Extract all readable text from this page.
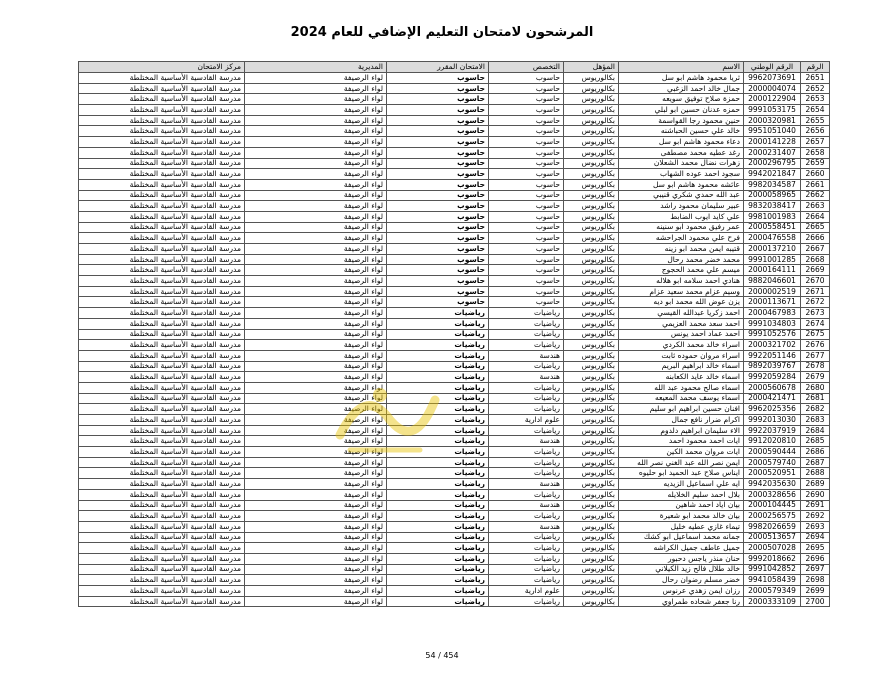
المرشحون لامتحان التعليم الإضافي للعام 2024
الرقم	الرقم الوطني	الاسم	المؤهل	التخصص	الامتحان المقرر	المديرية	مركز الامتحان
2651	9962073691	ثريا محمود هاشم ابو سل	بكالوريوس	حاسوب	حاسوب	لواء الرصيفة	مدرسة القادسية الأساسية المختلطة
2652	2000004074	جمال خالد احمد الزغبي	بكالوريوس	حاسوب	حاسوب	لواء الرصيفة	مدرسة القادسية الأساسية المختلطة
2653	2000122904	حمزة صلاح توفيق سويعه	بكالوريوس	حاسوب	حاسوب	لواء الرصيفة	مدرسة القادسية الأساسية المختلطة
2654	9991053175	حمزه عدنان حسين ابو لبلي	بكالوريوس	حاسوب	حاسوب	لواء الرصيفة	مدرسة القادسية الأساسية المختلطة
2655	2000320981	حنين محمود رجا القواسمة	بكالوريوس	حاسوب	حاسوب	لواء الرصيفة	مدرسة القادسية الأساسية المختلطة
2656	9951051040	خالد علي حسين الحباشنه	بكالوريوس	حاسوب	حاسوب	لواء الرصيفة	مدرسة القادسية الأساسية المختلطة
2657	2000141228	دعاء محمود هاشم ابو سل	بكالوريوس	حاسوب	حاسوب	لواء الرصيفة	مدرسة القادسية الأساسية المختلطة
2658	2000231407	رغد عطيه محمد مصطفى	بكالوريوس	حاسوب	حاسوب	لواء الرصيفة	مدرسة القادسية الأساسية المختلطة
2659	2000296795	زهرات نضال محمد الشعلان	بكالوريوس	حاسوب	حاسوب	لواء الرصيفة	مدرسة القادسية الأساسية المختلطة
2660	9942021847	سجود احمد عوده الشهاب	بكالوريوس	حاسوب	حاسوب	لواء الرصيفة	مدرسة القادسية الأساسية المختلطة
2661	9982034587	عائشه محمود هاشم ابو سل	بكالوريوس	حاسوب	حاسوب	لواء الرصيفة	مدرسة القادسية الأساسية المختلطة
2662	2000058965	عبد الله حمدي شكري قنيبي	بكالوريوس	حاسوب	حاسوب	لواء الرصيفة	مدرسة القادسية الأساسية المختلطة
2663	9832038417	عبير سليمان محمود راشد	بكالوريوس	حاسوب	حاسوب	لواء الرصيفة	مدرسة القادسية الأساسية المختلطة
2664	9981001983	علي كايد ايوب الضابط	بكالوريوس	حاسوب	حاسوب	لواء الرصيفة	مدرسة القادسية الأساسية المختلطة
2665	2000558451	عمر رفيق محمود ابو سنينه	بكالوريوس	حاسوب	حاسوب	لواء الرصيفة	مدرسة القادسية الأساسية المختلطة
2666	2000476558	فرح علي محمود الجراحشه	بكالوريوس	حاسوب	حاسوب	لواء الرصيفة	مدرسة القادسية الأساسية المختلطة
2667	2000137210	قتيبه ايمن محمد ابو زينه	بكالوريوس	حاسوب	حاسوب	لواء الرصيفة	مدرسة القادسية الأساسية المختلطة
2668	9991001285	محمد خضر محمد رحال	بكالوريوس	حاسوب	حاسوب	لواء الرصيفة	مدرسة القادسية الأساسية المختلطة
2669	2000164111	ميسم علي محمد الحجوج	بكالوريوس	حاسوب	حاسوب	لواء الرصيفة	مدرسة القادسية الأساسية المختلطة
2670	9882046601	هنادي احمد سلامه ابو هلاله	بكالوريوس	حاسوب	حاسوب	لواء الرصيفة	مدرسة القادسية الأساسية المختلطة
2671	2000002519	وسيم عزام محمد سعيد عزام	بكالوريوس	حاسوب	حاسوب	لواء الرصيفة	مدرسة القادسية الأساسية المختلطة
2672	2000113671	يزن عوض الله محمد ابو ديه	بكالوريوس	حاسوب	حاسوب	لواء الرصيفة	مدرسة القادسية الأساسية المختلطة
2673	2000467983	احمد زكريا عبدالله القيسي	بكالوريوس	رياضيات	رياضيات	لواء الرصيفة	مدرسة القادسية الأساسية المختلطة
2674	9991034803	احمد سعد محمد العزيمي	بكالوريوس	رياضيات	رياضيات	لواء الرصيفة	مدرسة القادسية الأساسية المختلطة
2675	9991052576	احمد عماد احمد يونس	بكالوريوس	رياضيات	رياضيات	لواء الرصيفة	مدرسة القادسية الأساسية المختلطة
2676	2000321702	اسراء خالد محمد الكردي	بكالوريوس	رياضيات	رياضيات	لواء الرصيفة	مدرسة القادسية الأساسية المختلطة
2677	9922051146	اسراء مروان حموده ثابت	بكالوريوس	هندسة	رياضيات	لواء الرصيفة	مدرسة القادسية الأساسية المختلطة
2678	9892039767	اسماء خالد ابراهيم البريم	بكالوريوس	رياضيات	رياضيات	لواء الرصيفة	مدرسة القادسية الأساسية المختلطة
2679	9992059284	اسماء خالد عايد الكعابنه	بكالوريوس	هندسة	رياضيات	لواء الرصيفة	مدرسة القادسية الأساسية المختلطة
2680	2000560678	اسماء صالح محمود عبد الله	بكالوريوس	رياضيات	رياضيات	لواء الرصيفة	مدرسة القادسية الأساسية المختلطة
2681	2000421471	اسماء يوسف محمد المعيعه	بكالوريوس	رياضيات	رياضيات	لواء الرصيفة	مدرسة القادسية الأساسية المختلطة
2682	9962025356	افنان حسين ابراهيم ابو سليم	بكالوريوس	رياضيات	رياضيات	لواء الرصيفة	مدرسة القادسية الأساسية المختلطة
2683	9992013030	اكرام ضرار نافع جمال	بكالوريوس	علوم ادارية	رياضيات	لواء الرصيفة	مدرسة القادسية الأساسية المختلطة
2684	9922037919	الاء سليمان ابراهيم دلدوم	بكالوريوس	رياضيات	رياضيات	لواء الرصيفة	مدرسة القادسية الأساسية المختلطة
2685	9912020810	ايات احمد محمود احمد	بكالوريوس	هندسة	رياضيات	لواء الرصيفة	مدرسة القادسية الأساسية المختلطة
2686	2000590444	ايات مروان محمد الكين	بكالوريوس	رياضيات	رياضيات	لواء الرصيفة	مدرسة القادسية الأساسية المختلطة
2687	2000579740	ايمن نصر الله عبد الغني نصر الله	بكالوريوس	رياضيات	رياضيات	لواء الرصيفة	مدرسة القادسية الأساسية المختلطة
2688	2000520951	ايناس صلاح عبد الحميد ابو حليوه	بكالوريوس	رياضيات	رياضيات	لواء الرصيفة	مدرسة القادسية الأساسية المختلطة
2689	9942035630	ايه علي اسماعيل الزيديه	بكالوريوس	هندسة	رياضيات	لواء الرصيفة	مدرسة القادسية الأساسية المختلطة
2690	2000328656	بلال احمد سليم الخلايله	بكالوريوس	رياضيات	رياضيات	لواء الرصيفة	مدرسة القادسية الأساسية المختلطة
2691	2000104445	بيان اياد احمد شاهين	بكالوريوس	هندسة	رياضيات	لواء الرصيفة	مدرسة القادسية الأساسية المختلطة
2692	2000256575	بيان خالد محمد ابو شعيرة	بكالوريوس	رياضيات	رياضيات	لواء الرصيفة	مدرسة القادسية الأساسية المختلطة
2693	9982026659	تيماء غازي عطيه خليل	بكالوريوس	هندسة	رياضيات	لواء الرصيفة	مدرسة القادسية الأساسية المختلطة
2694	2000513657	جمانه محمد اسماعيل ابو كشك	بكالوريوس	رياضيات	رياضيات	لواء الرصيفة	مدرسة القادسية الأساسية المختلطة
2695	2000507028	جميل عاطف جميل الكراشه	بكالوريوس	رياضيات	رياضيات	لواء الرصيفة	مدرسة القادسية الأساسية المختلطة
2696	9992018662	حنان منذر ياجس دحبور	بكالوريوس	رياضيات	رياضيات	لواء الرصيفة	مدرسة القادسية الأساسية المختلطة
2697	9991042852	خالد طلال فالح زيد الكيلاني	بكالوريوس	رياضيات	رياضيات	لواء الرصيفة	مدرسة القادسية الأساسية المختلطة
2698	9941058439	خضر مسلم رضوان رحال	بكالوريوس	رياضيات	رياضيات	لواء الرصيفة	مدرسة القادسية الأساسية المختلطة
2699	2000579349	رزان ايمن زهدي عرنوس	بكالوريوس	علوم ادارية	رياضيات	لواء الرصيفة	مدرسة القادسية الأساسية المختلطة
2700	2000333109	رنا جعفر شحاده طمراوي	بكالوريوس	رياضيات	رياضيات	لواء الرصيفة	مدرسة القادسية الأساسية المختلطة
54 / 454
